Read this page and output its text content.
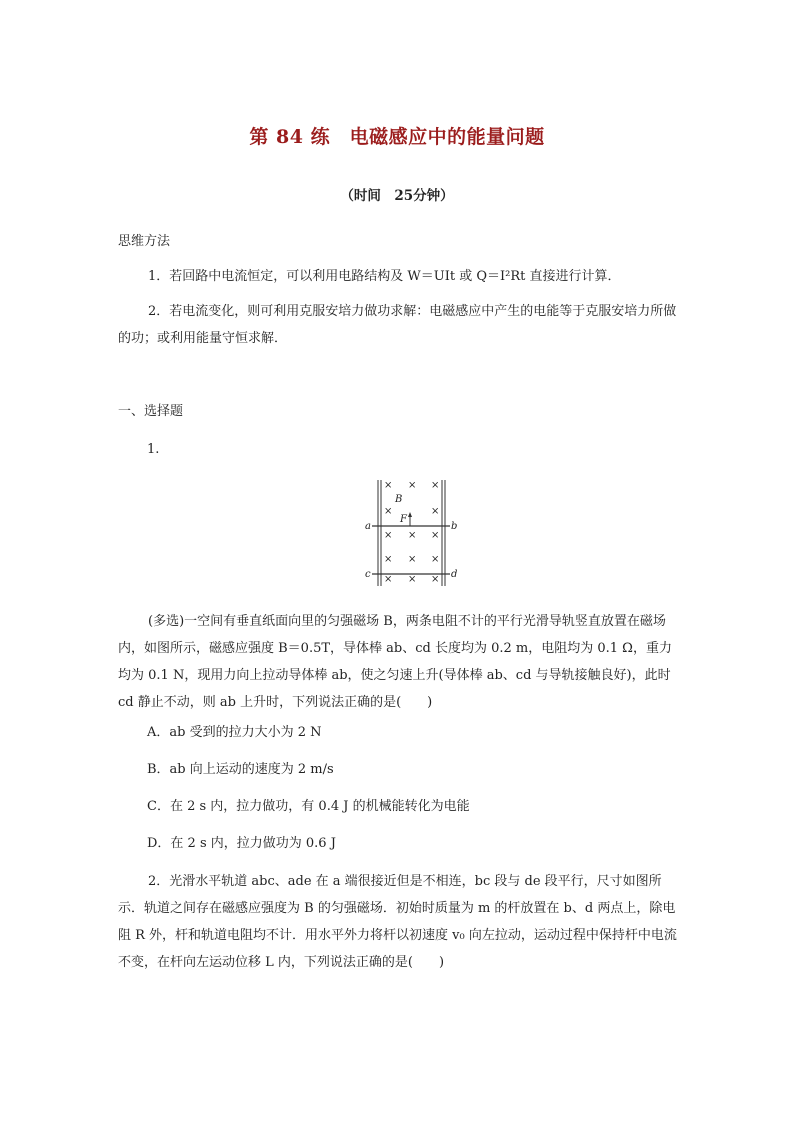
第 84 练　电磁感应中的能量问题
（时间　25分钟）

思维方法

1．若回路中电流恒定，可以利用电路结构及 W＝UIt 或 Q＝I²Rt 直接进行计算．

2．若电流变化，则可利用克服安培力做功求解：电磁感应中产生的电能等于克服安培力所做的功；或利用能量守恒求解．

一、选择题

1.

× × ×
×	×
×
× ×
× × ×
× × ×
B
F
a	b
c	d

(多选)一空间有垂直纸面向里的匀强磁场 B，两条电阻不计的平行光滑导轨竖直放置在磁场内，如图所示，磁感应强度 B＝0.5T，导体棒 ab、cd 长度均为 0.2 m，电阻均为 0.1 Ω，重力均为 0.1 N，现用力向上拉动导体棒 ab，使之匀速上升(导体棒 ab、cd 与导轨接触良好)，此时 cd 静止不动，则 ab 上升时，下列说法正确的是(　　)

A．ab 受到的拉力大小为 2 N
B．ab 向上运动的速度为 2 m/s
C．在 2 s 内，拉力做功，有 0.4 J 的机械能转化为电能
D．在 2 s 内，拉力做功为 0.6 J

2．光滑水平轨道 abc、ade 在 a 端很接近但是不相连，bc 段与 de 段平行，尺寸如图所示．轨道之间存在磁感应强度为 B 的匀强磁场．初始时质量为 m 的杆放置在 b、d 两点上，除电阻 R 外，杆和轨道电阻均不计．用水平外力将杆以初速度 v₀ 向左拉动，运动过程中保持杆中电流不变，在杆向左运动位移 L 内，下列说法正确的是(　　)
